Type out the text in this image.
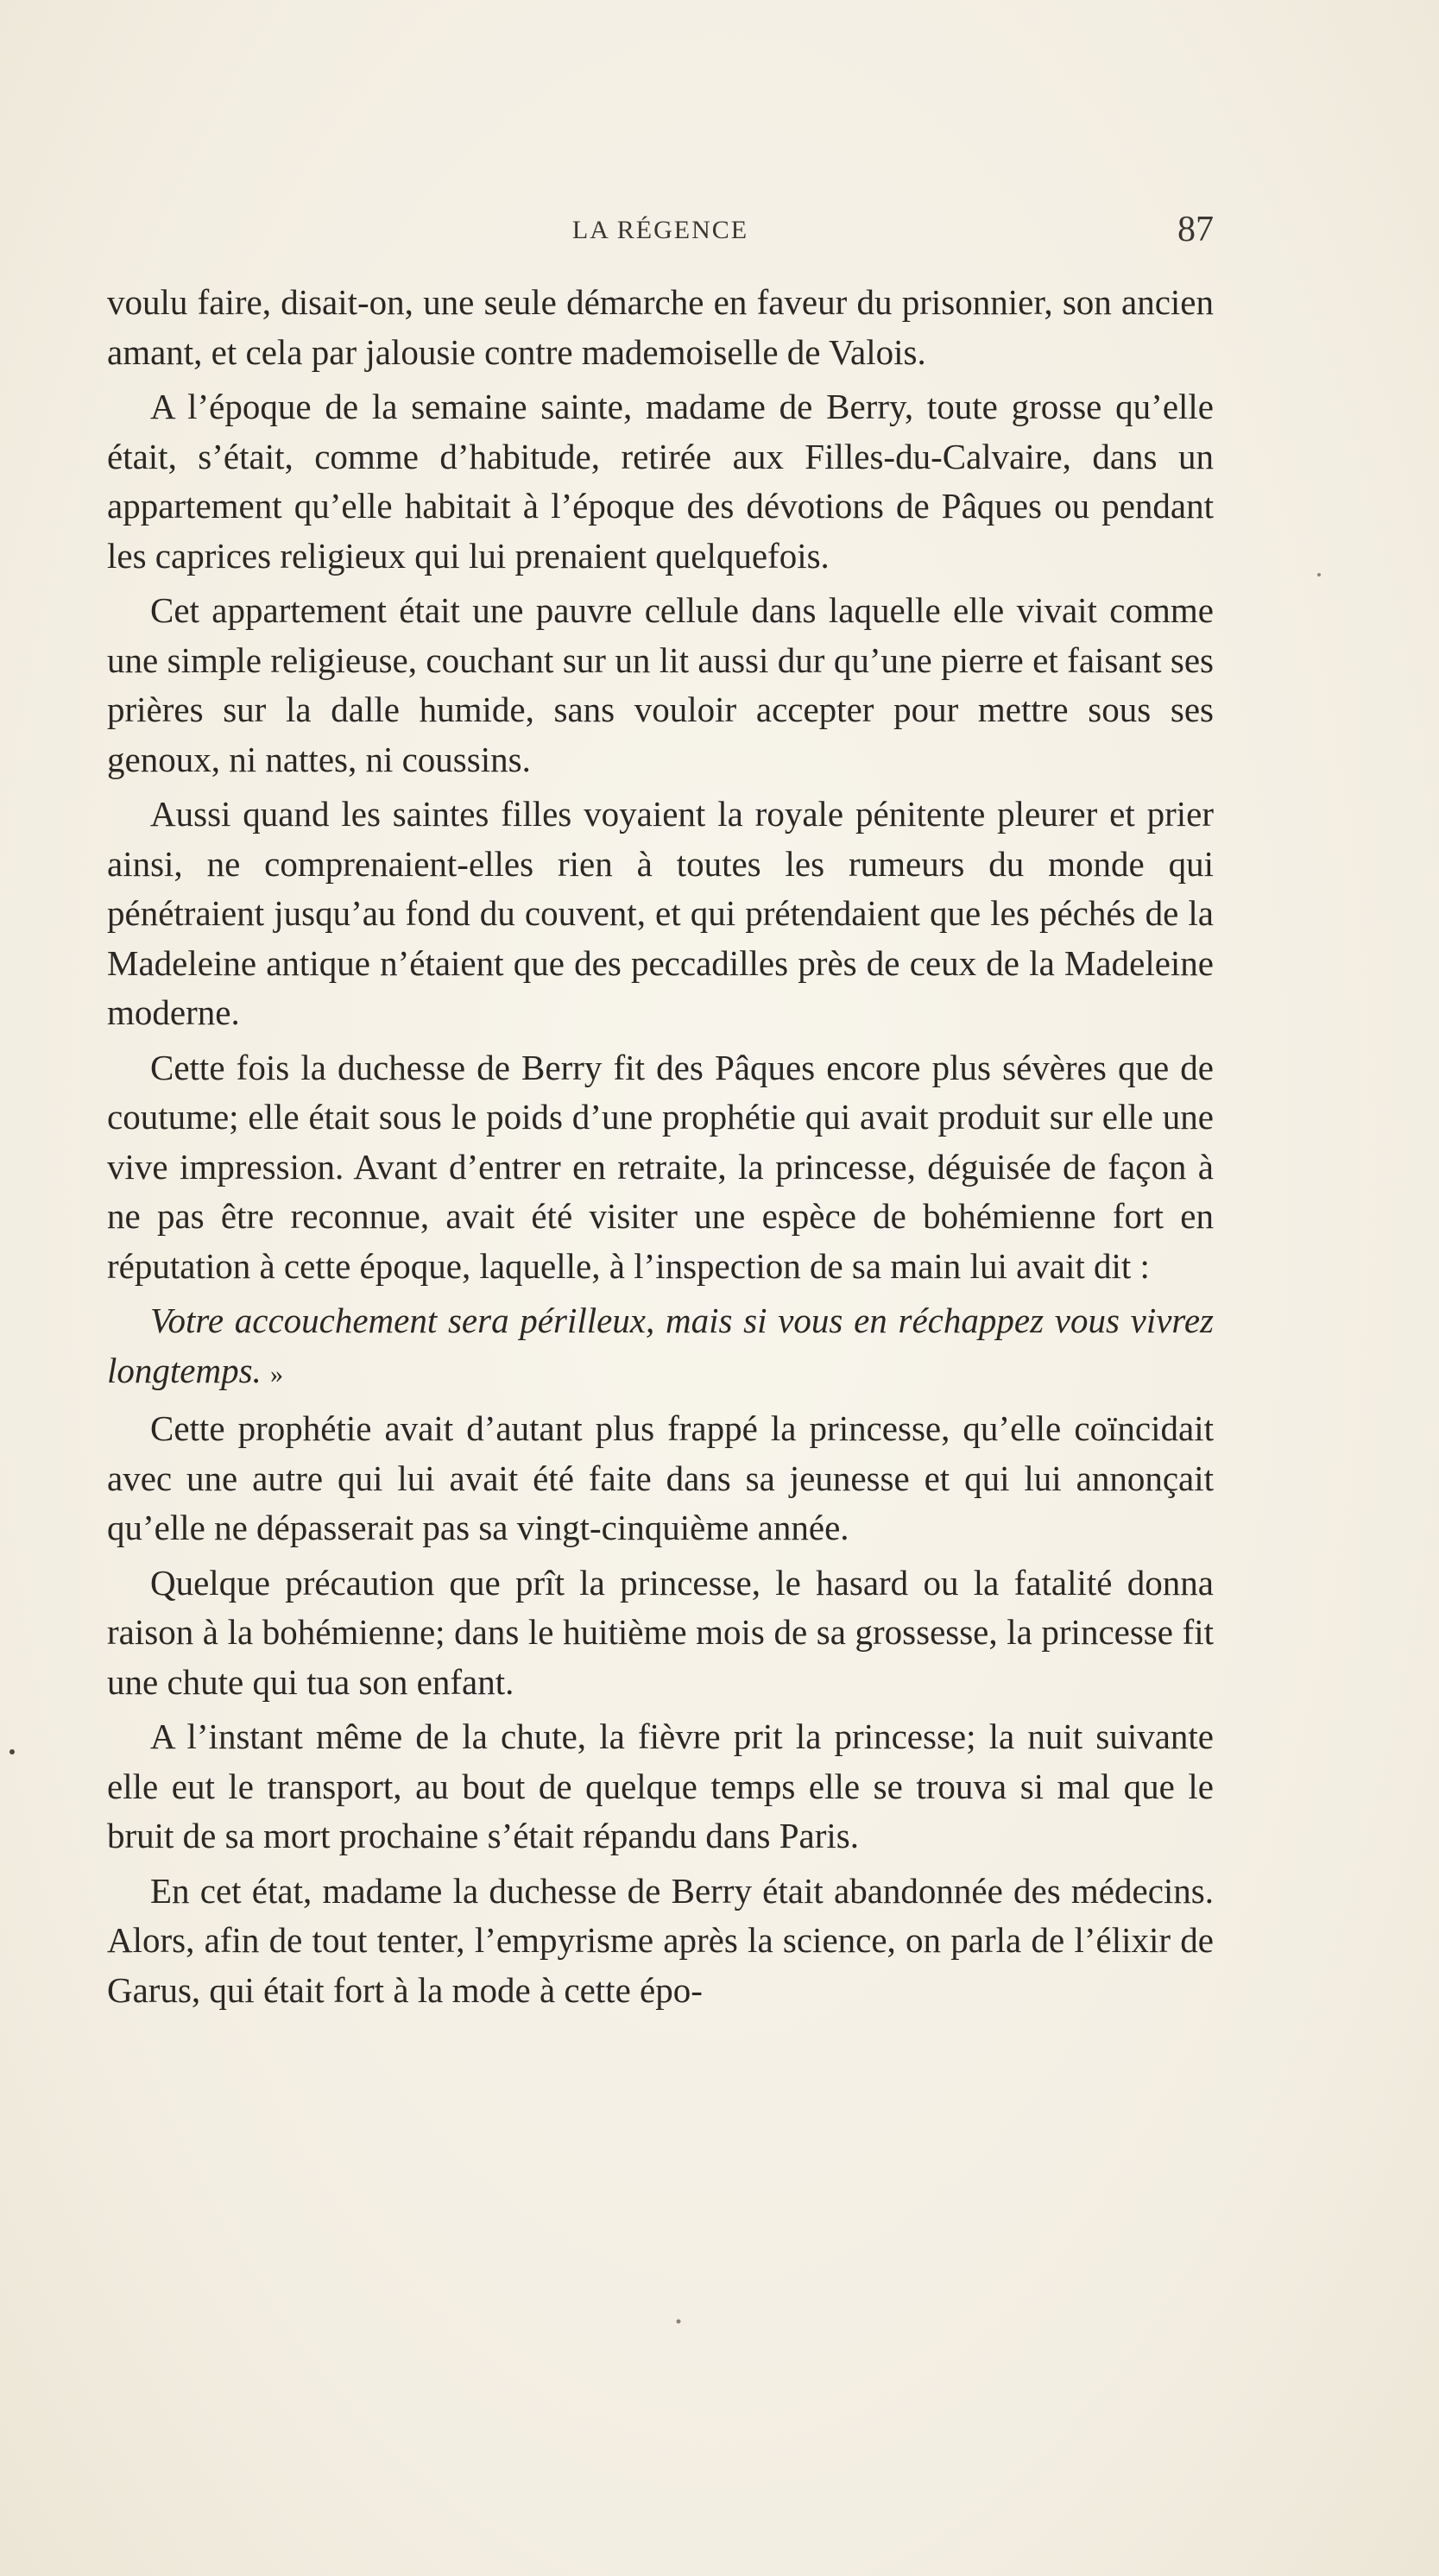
LA RÉGENCE	87

voulu faire, disait-on, une seule démarche en faveur du prisonnier, son ancien amant, et cela par jalousie contre mademoiselle de Valois.

A l’époque de la semaine sainte, madame de Berry, toute grosse qu’elle était, s’était, comme d’habitude, retirée aux Filles-du-Calvaire, dans un appartement qu’elle habitait à l’époque des dévotions de Pâques ou pendant les caprices religieux qui lui prenaient quelquefois.

Cet appartement était une pauvre cellule dans laquelle elle vivait comme une simple religieuse, couchant sur un lit aussi dur qu’une pierre et faisant ses prières sur la dalle humide, sans vouloir accepter pour mettre sous ses genoux, ni nattes, ni coussins.

Aussi quand les saintes filles voyaient la royale pénitente pleurer et prier ainsi, ne comprenaient-elles rien à toutes les rumeurs du monde qui pénétraient jusqu’au fond du couvent, et qui prétendaient que les péchés de la Madeleine antique n’étaient que des peccadilles près de ceux de la Madeleine moderne.

Cette fois la duchesse de Berry fit des Pâques encore plus sévères que de coutume; elle était sous le poids d’une prophétie qui avait produit sur elle une vive impression. Avant d’entrer en retraite, la princesse, déguisée de façon à ne pas être reconnue, avait été visiter une espèce de bohémienne fort en réputation à cette époque, laquelle, à l’inspection de sa main lui avait dit :

Votre accouchement sera périlleux, mais si vous en réchappez vous vivrez longtemps. »

Cette prophétie avait d’autant plus frappé la princesse, qu’elle coïncidait avec une autre qui lui avait été faite dans sa jeunesse et qui lui annonçait qu’elle ne dépasserait pas sa vingt-cinquième année.

Quelque précaution que prît la princesse, le hasard ou la fatalité donna raison à la bohémienne; dans le huitième mois de sa grossesse, la princesse fit une chute qui tua son enfant.

A l’instant même de la chute, la fièvre prit la princesse; la nuit suivante elle eut le transport, au bout de quelque temps elle se trouva si mal que le bruit de sa mort prochaine s’était répandu dans Paris.

En cet état, madame la duchesse de Berry était abandonnée des médecins. Alors, afin de tout tenter, l’empyrisme après la science, on parla de l’élixir de Garus, qui était fort à la mode à cette épo-
